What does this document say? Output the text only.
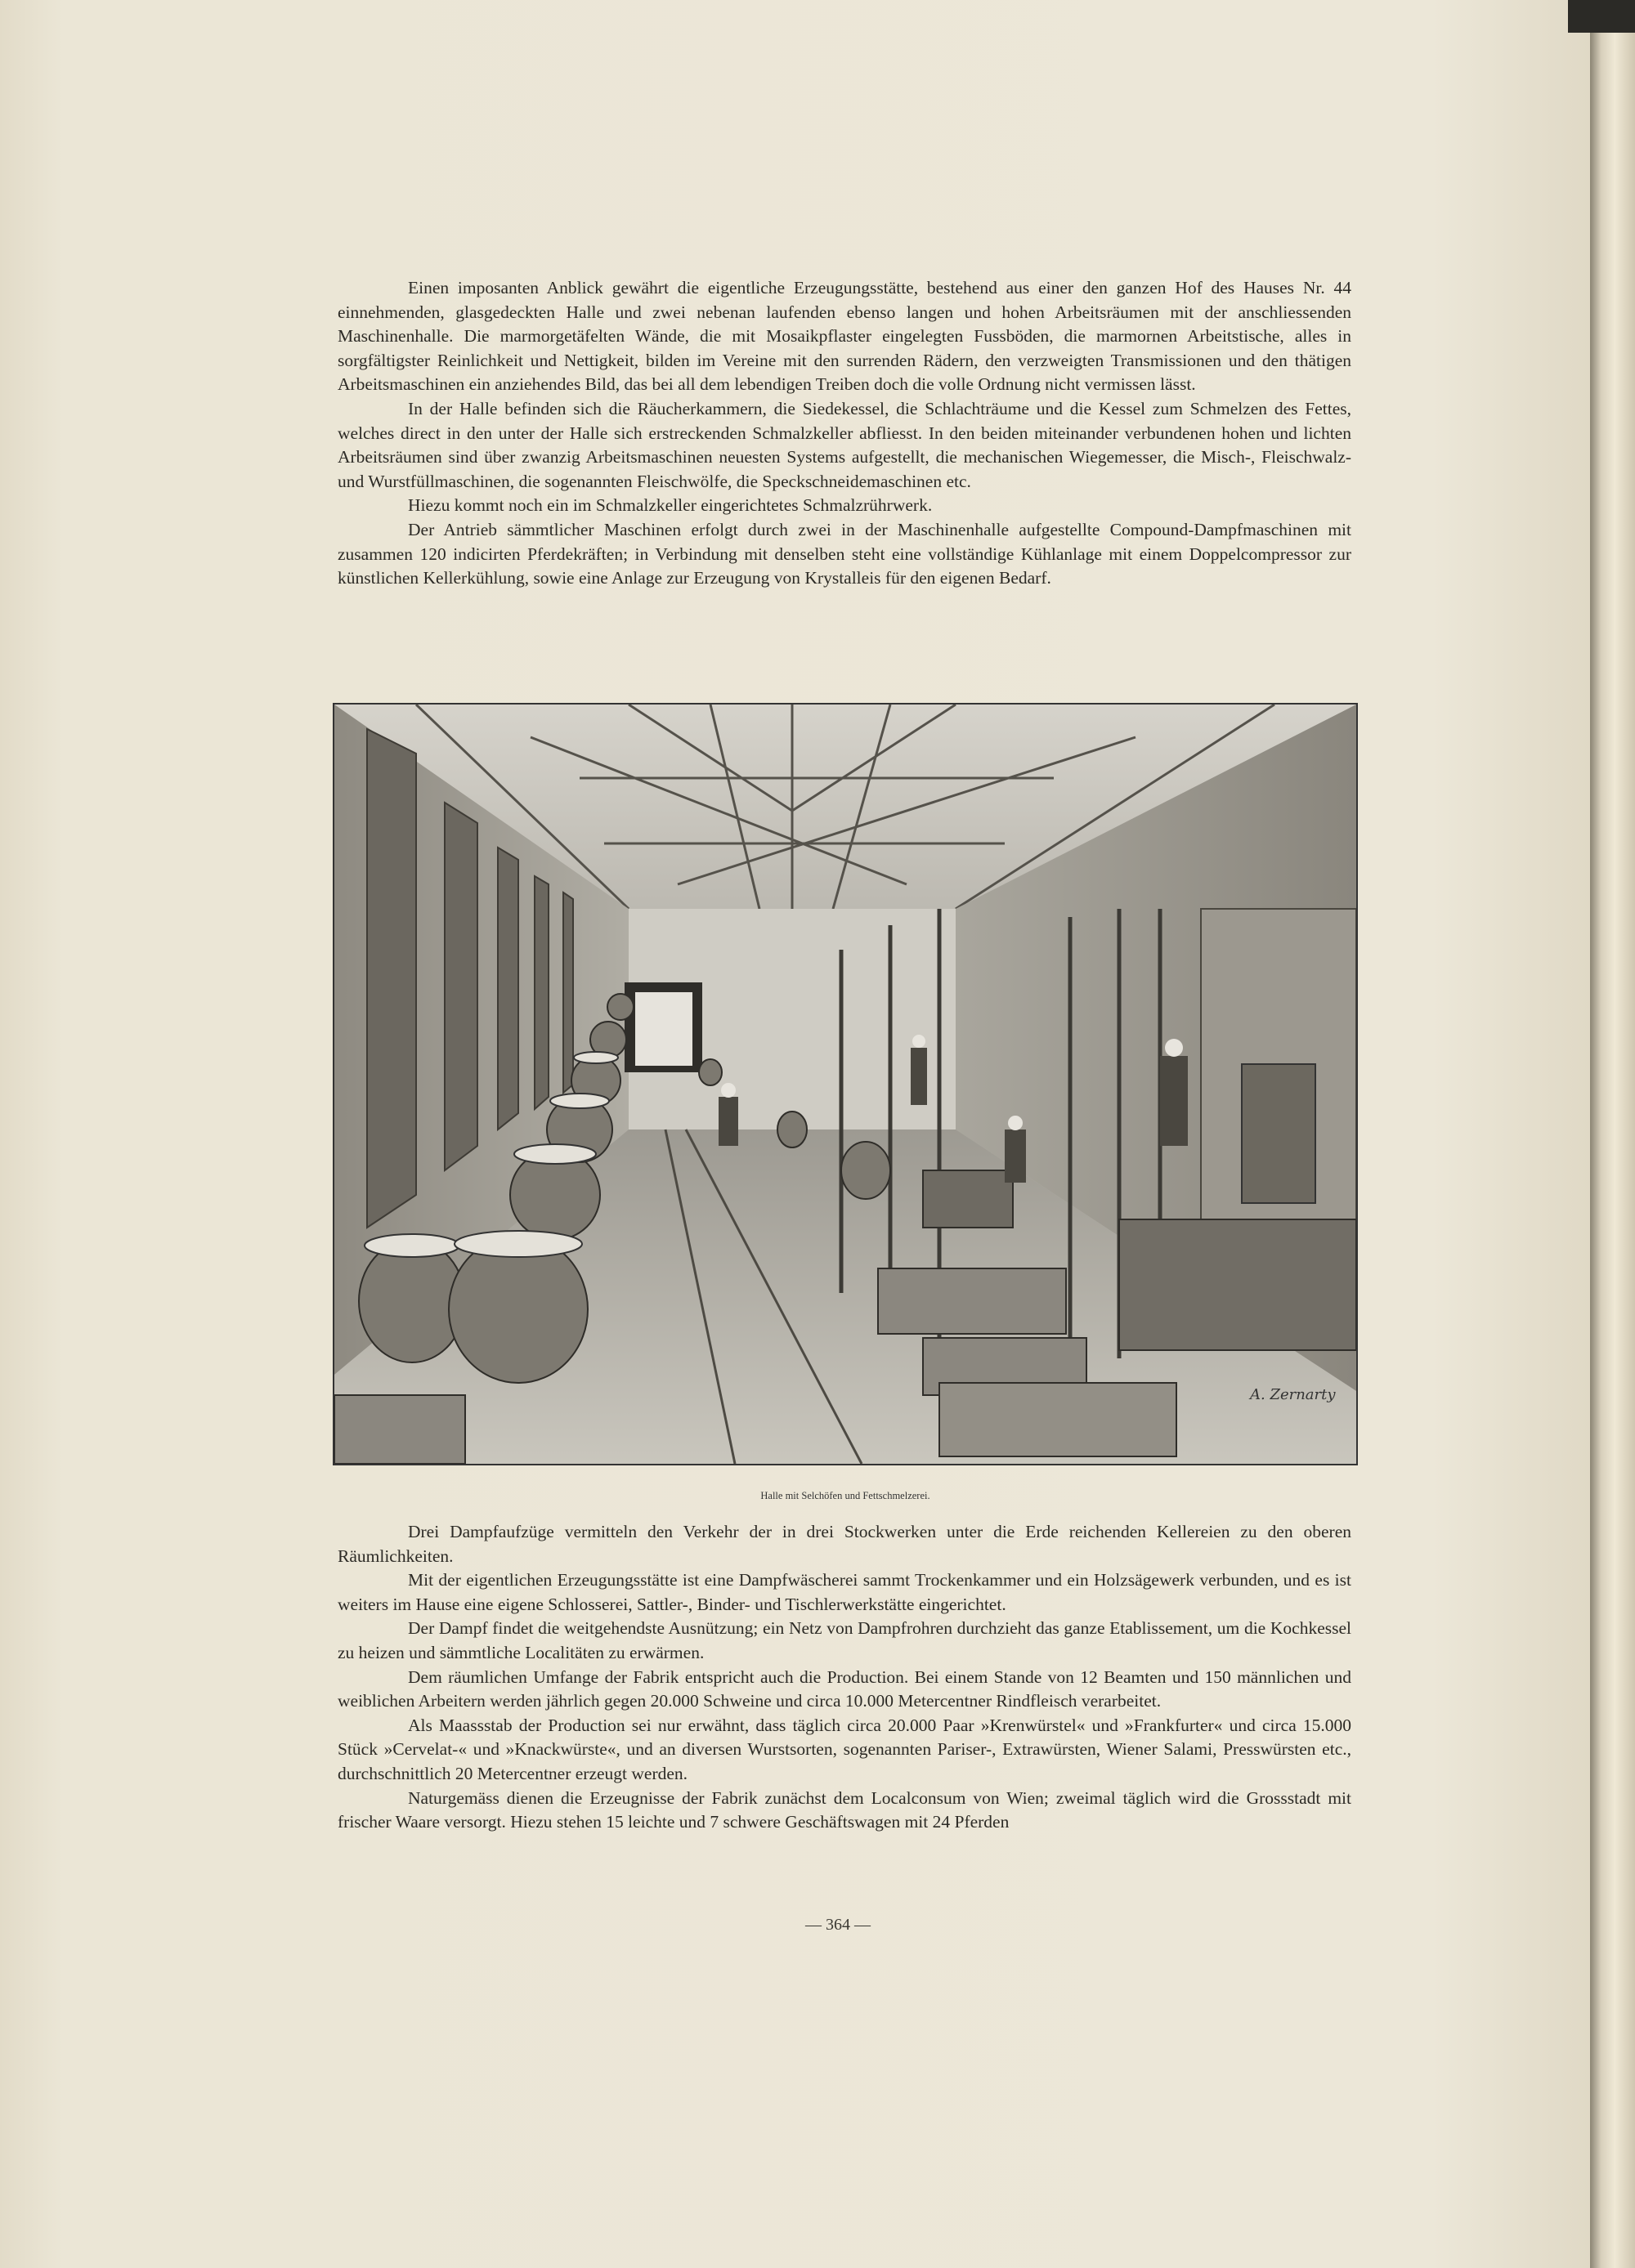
Einen imposanten Anblick gewährt die eigentliche Erzeugungsstätte, bestehend aus einer den ganzen Hof des Hauses Nr. 44 einnehmenden, glasgedeckten Halle und zwei nebenan laufenden ebenso langen und hohen Arbeitsräumen mit der anschliessenden Maschinenhalle. Die marmorgetäfelten Wände, die mit Mosaikpflaster eingelegten Fussböden, die marmornen Arbeitstische, alles in sorgfältigster Reinlichkeit und Nettigkeit, bilden im Vereine mit den surrenden Rädern, den verzweigten Transmissionen und den thätigen Arbeitsmaschinen ein anziehendes Bild, das bei all dem lebendigen Treiben doch die volle Ordnung nicht vermissen lässt.

In der Halle befinden sich die Räucherkammern, die Siedekessel, die Schlachträume und die Kessel zum Schmelzen des Fettes, welches direct in den unter der Halle sich erstreckenden Schmalzkeller abfliesst. In den beiden miteinander verbundenen hohen und lichten Arbeitsräumen sind über zwanzig Arbeitsmaschinen neuesten Systems aufgestellt, die mechanischen Wiegemesser, die Misch-, Fleischwalz- und Wurstfüllmaschinen, die sogenannten Fleischwölfe, die Speckschneidemaschinen etc.

Hiezu kommt noch ein im Schmalzkeller eingerichtetes Schmalzrührwerk.

Der Antrieb sämmtlicher Maschinen erfolgt durch zwei in der Maschinenhalle aufgestellte Compound-Dampfmaschinen mit zusammen 120 indicirten Pferdekräften; in Verbindung mit denselben steht eine vollständige Kühlanlage mit einem Doppelcompressor zur künstlichen Kellerkühlung, sowie eine Anlage zur Erzeugung von Krystalleis für den eigenen Bedarf.

A. Zernarty
Halle mit Selchöfen und Fettschmelzerei.

Drei Dampfaufzüge vermitteln den Verkehr der in drei Stockwerken unter die Erde reichenden Kellereien zu den oberen Räumlichkeiten.

Mit der eigentlichen Erzeugungsstätte ist eine Dampfwäscherei sammt Trockenkammer und ein Holzsägewerk verbunden, und es ist weiters im Hause eine eigene Schlosserei, Sattler-, Binder- und Tischlerwerkstätte eingerichtet.

Der Dampf findet die weitgehendste Ausnützung; ein Netz von Dampfrohren durchzieht das ganze Etablissement, um die Kochkessel zu heizen und sämmtliche Localitäten zu erwärmen.

Dem räumlichen Umfange der Fabrik entspricht auch die Production. Bei einem Stande von 12 Beamten und 150 männlichen und weiblichen Arbeitern werden jährlich gegen 20.000 Schweine und circa 10.000 Metercentner Rindfleisch verarbeitet.

Als Maassstab der Production sei nur erwähnt, dass täglich circa 20.000 Paar »Krenwürstel« und »Frankfurter« und circa 15.000 Stück »Cervelat-« und »Knackwürste«, und an diversen Wurstsorten, sogenannten Pariser-, Extrawürsten, Wiener Salami, Presswürsten etc., durchschnittlich 20 Metercentner erzeugt werden.

Naturgemäss dienen die Erzeugnisse der Fabrik zunächst dem Localconsum von Wien; zweimal täglich wird die Grossstadt mit frischer Waare versorgt. Hiezu stehen 15 leichte und 7 schwere Geschäftswagen mit 24 Pferden

— 364 —
